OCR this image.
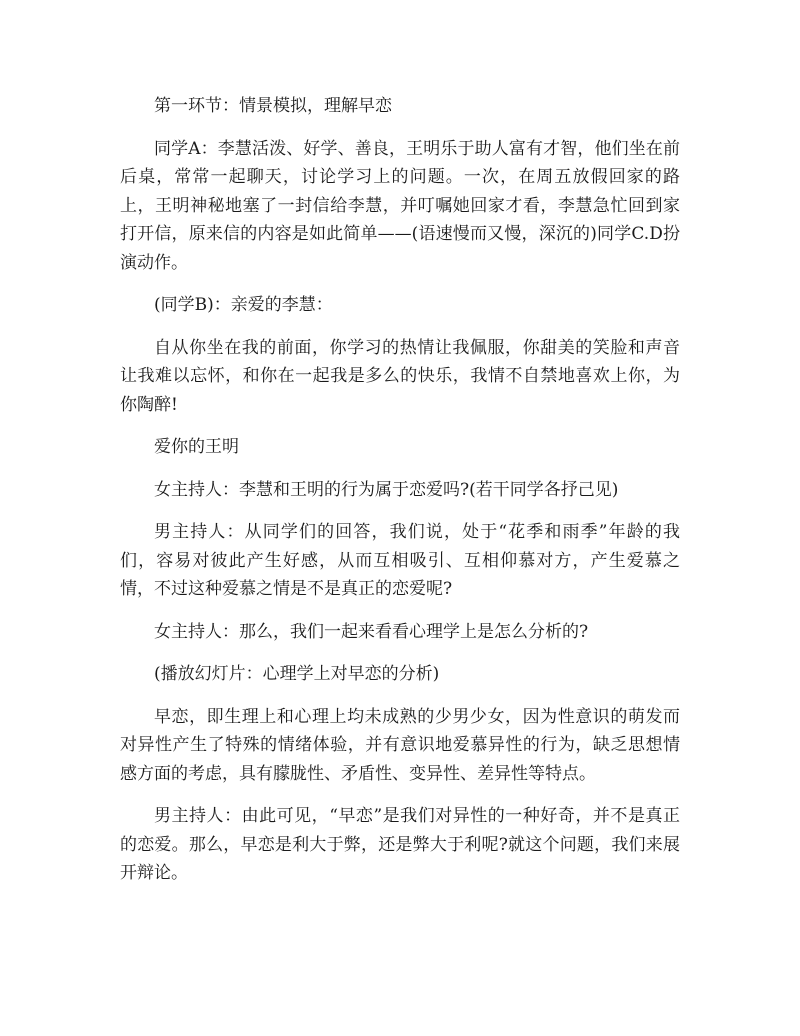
第一环节：情景模拟，理解早恋

同学A：李慧活泼、好学、善良，王明乐于助人富有才智，他们坐在前后桌，常常一起聊天，讨论学习上的问题。一次，在周五放假回家的路上，王明神秘地塞了一封信给李慧，并叮嘱她回家才看，李慧急忙回到家打开信，原来信的内容是如此简单——(语速慢而又慢，深沉的)同学C.D扮演动作。

(同学B)：亲爱的李慧：

自从你坐在我的前面，你学习的热情让我佩服，你甜美的笑脸和声音让我难以忘怀，和你在一起我是多么的快乐，我情不自禁地喜欢上你，为你陶醉!

爱你的王明

女主持人：李慧和王明的行为属于恋爱吗?(若干同学各抒己见)

男主持人：从同学们的回答，我们说，处于“花季和雨季”年龄的我们，容易对彼此产生好感，从而互相吸引、互相仰慕对方，产生爱慕之情，不过这种爱慕之情是不是真正的恋爱呢?

女主持人：那么，我们一起来看看心理学上是怎么分析的?

(播放幻灯片：心理学上对早恋的分析)

早恋，即生理上和心理上均未成熟的少男少女，因为性意识的萌发而对异性产生了特殊的情绪体验，并有意识地爱慕异性的行为，缺乏思想情感方面的考虑，具有朦胧性、矛盾性、变异性、差异性等特点。

男主持人：由此可见，“早恋”是我们对异性的一种好奇，并不是真正的恋爱。那么，早恋是利大于弊，还是弊大于利呢?就这个问题，我们来展开辩论。
